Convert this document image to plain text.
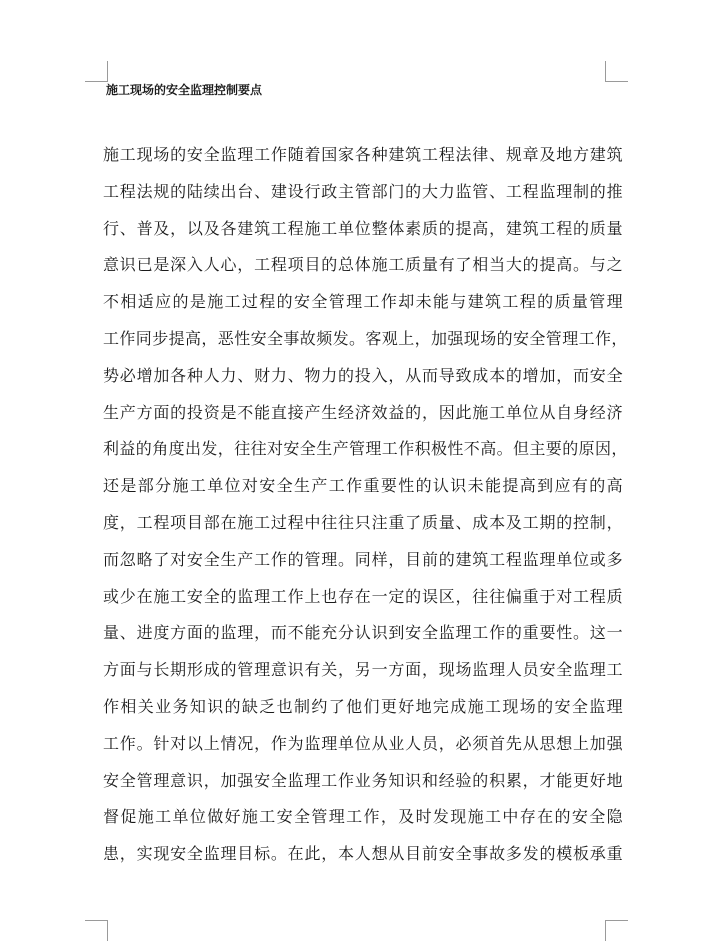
施工现场的安全监理控制要点
施工现场的安全监理工作随着国家各种建筑工程法律、规章及地方建筑
工程法规的陆续出台、建设行政主管部门的大力监管、工程监理制的推
行、普及，以及各建筑工程施工单位整体素质的提高，建筑工程的质量
意识已是深入人心，工程项目的总体施工质量有了相当大的提高。与之
不相适应的是施工过程的安全管理工作却未能与建筑工程的质量管理
工作同步提高，恶性安全事故频发。客观上，加强现场的安全管理工作，
势必增加各种人力、财力、物力的投入，从而导致成本的增加，而安全
生产方面的投资是不能直接产生经济效益的，因此施工单位从自身经济
利益的角度出发，往往对安全生产管理工作积极性不高。但主要的原因，
还是部分施工单位对安全生产工作重要性的认识未能提高到应有的高
度，工程项目部在施工过程中往往只注重了质量、成本及工期的控制，
而忽略了对安全生产工作的管理。同样，目前的建筑工程监理单位或多
或少在施工安全的监理工作上也存在一定的误区，往往偏重于对工程质
量、进度方面的监理，而不能充分认识到安全监理工作的重要性。这一
方面与长期形成的管理意识有关，另一方面，现场监理人员安全监理工
作相关业务知识的缺乏也制约了他们更好地完成施工现场的安全监理
工作。针对以上情况，作为监理单位从业人员，必须首先从思想上加强
安全管理意识，加强安全监理工作业务知识和经验的积累，才能更好地
督促施工单位做好施工安全管理工作，及时发现施工中存在的安全隐
患，实现安全监理目标。在此，本人想从目前安全事故多发的模板承重
